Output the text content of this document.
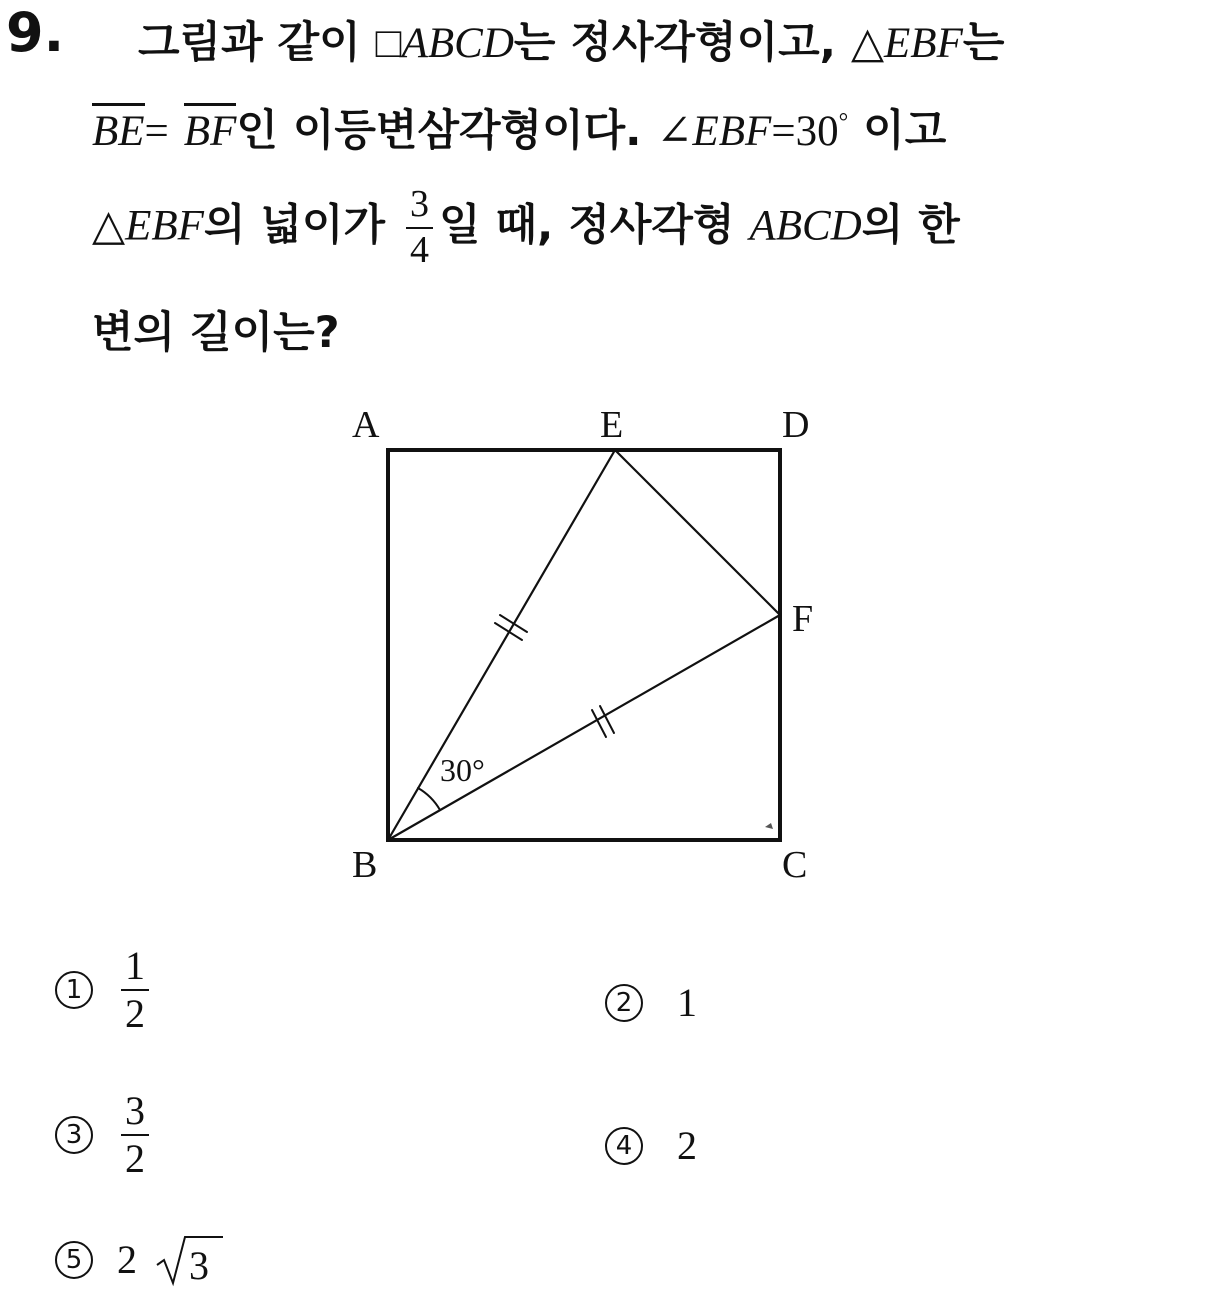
9. 그림과 같이 □ABCD는 정사각형이고, △EBF는
BE= BF인 이등변삼각형이다. ∠EBF=30° 이고
△EBF의 넓이가 $\frac{3}{4}$ 일 때, 정사각형 ABCD의 한
변의 길이는?
A	E	D
F
B	C
30°
$1 \frac{1}{2}$	2 1
$3 \frac{3}{2}$	4 2
5 2 3
